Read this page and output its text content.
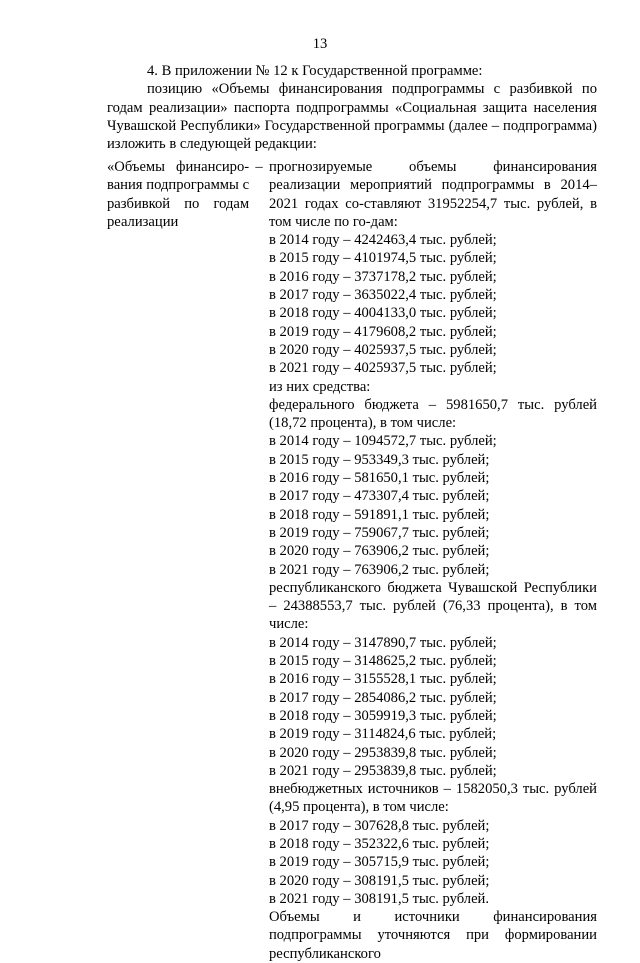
13

4. В приложении № 12 к Государственной программе:

позицию «Объемы финансирования подпрограммы с разбивкой по годам реализации» паспорта подпрограммы «Социальная защита населения Чувашской Республики» Государственной программы (далее – подпрограмма) изложить в следующей редакции:

«Объемы финансиро-вания подпрограммы с разбивкой по годам реализации
– прогнозируемые объемы финансирования реализации мероприятий подпрограммы в 2014–2021 годах со-ставляют 31952254,7 тыс. рублей, в том числе по го-дам:
в 2014 году – 4242463,4 тыс. рублей;
в 2015 году – 4101974,5 тыс. рублей;
в 2016 году – 3737178,2 тыс. рублей;
в 2017 году – 3635022,4 тыс. рублей;
в 2018 году – 4004133,0 тыс. рублей;
в 2019 году – 4179608,2 тыс. рублей;
в 2020 году – 4025937,5 тыс. рублей;
в 2021 году – 4025937,5 тыс. рублей;
из них средства:
федерального бюджета – 5981650,7 тыс. рублей (18,72 процента), в том числе:
в 2014 году – 1094572,7 тыс. рублей;
в 2015 году – 953349,3 тыс. рублей;
в 2016 году – 581650,1 тыс. рублей;
в 2017 году – 473307,4 тыс. рублей;
в 2018 году – 591891,1 тыс. рублей;
в 2019 году – 759067,7 тыс. рублей;
в 2020 году – 763906,2 тыс. рублей;
в 2021 году – 763906,2 тыс. рублей;
республиканского бюджета Чувашской Республики – 24388553,7 тыс. рублей (76,33 процента), в том числе:
в 2014 году – 3147890,7 тыс. рублей;
в 2015 году – 3148625,2 тыс. рублей;
в 2016 году – 3155528,1 тыс. рублей;
в 2017 году – 2854086,2 тыс. рублей;
в 2018 году – 3059919,3 тыс. рублей;
в 2019 году – 3114824,6 тыс. рублей;
в 2020 году – 2953839,8 тыс. рублей;
в 2021 году – 2953839,8 тыс. рублей;
внебюджетных источников – 1582050,3 тыс. рублей (4,95 процента), в том числе:
в 2017 году – 307628,8 тыс. рублей;
в 2018 году – 352322,6 тыс. рублей;
в 2019 году – 305715,9 тыс. рублей;
в 2020 году – 308191,5 тыс. рублей;
в 2021 году – 308191,5 тыс. рублей.
Объемы и источники финансирования подпрограммы уточняются при формировании республиканского
